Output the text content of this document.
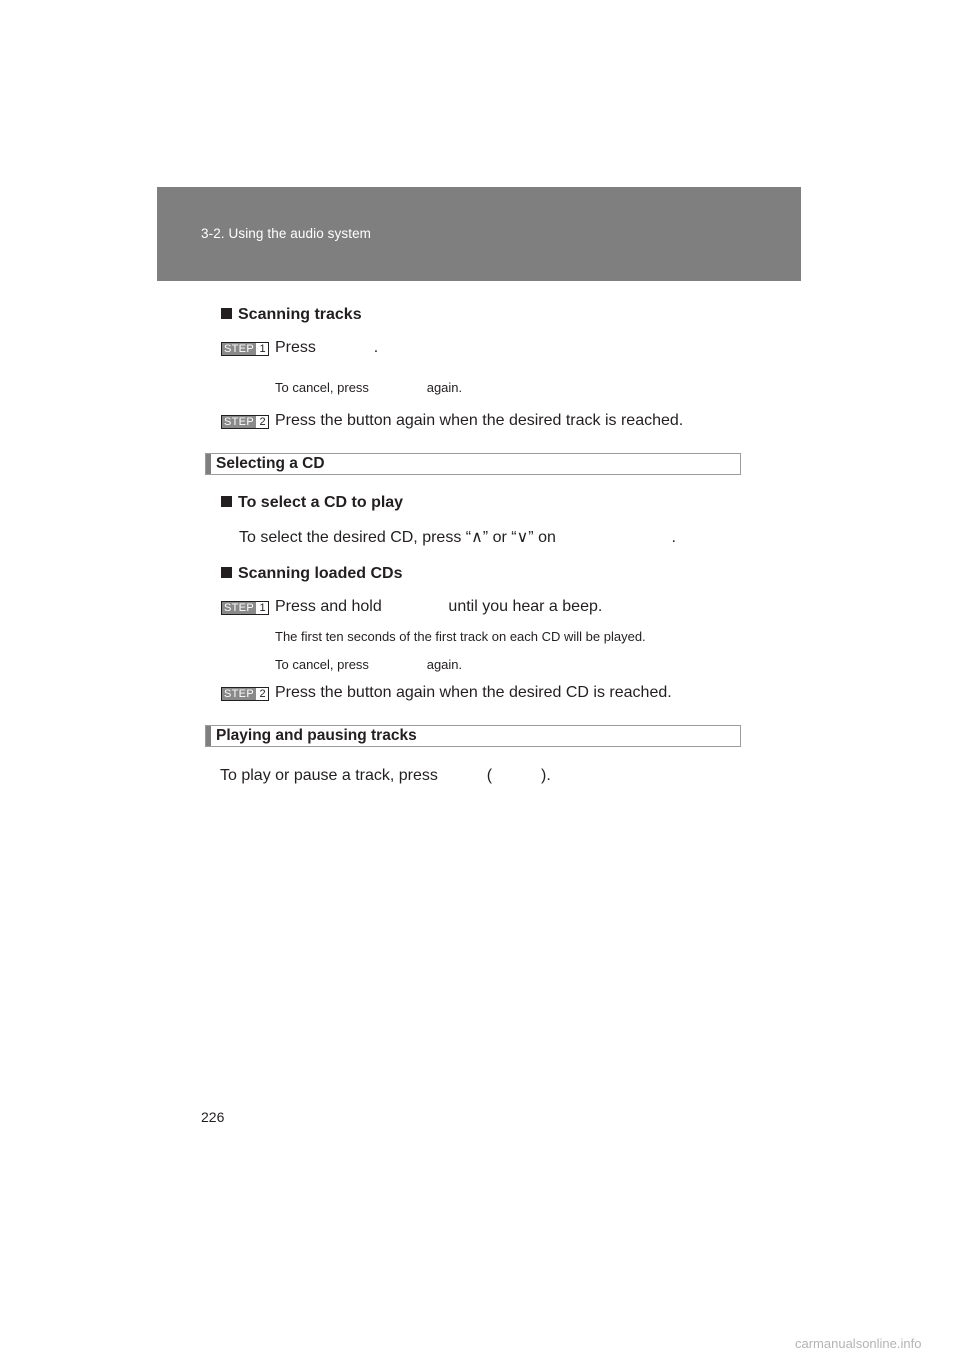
3-2. Using the audio system
Scanning tracks
STEP 1 Press             .
To cancel, press                again.
STEP 2 Press the button again when the desired track is reached.
Selecting a CD
To select a CD to play
To select the desired CD, press “∧” or “∨” on                          .
Scanning loaded CDs
STEP 1 Press and hold               until you hear a beep.
The first ten seconds of the first track on each CD will be played.
To cancel, press                again.
STEP 2 Press the button again when the desired CD is reached.
Playing and pausing tracks
To play or pause a track, press           (           ).
226
carmanualsonline.info
